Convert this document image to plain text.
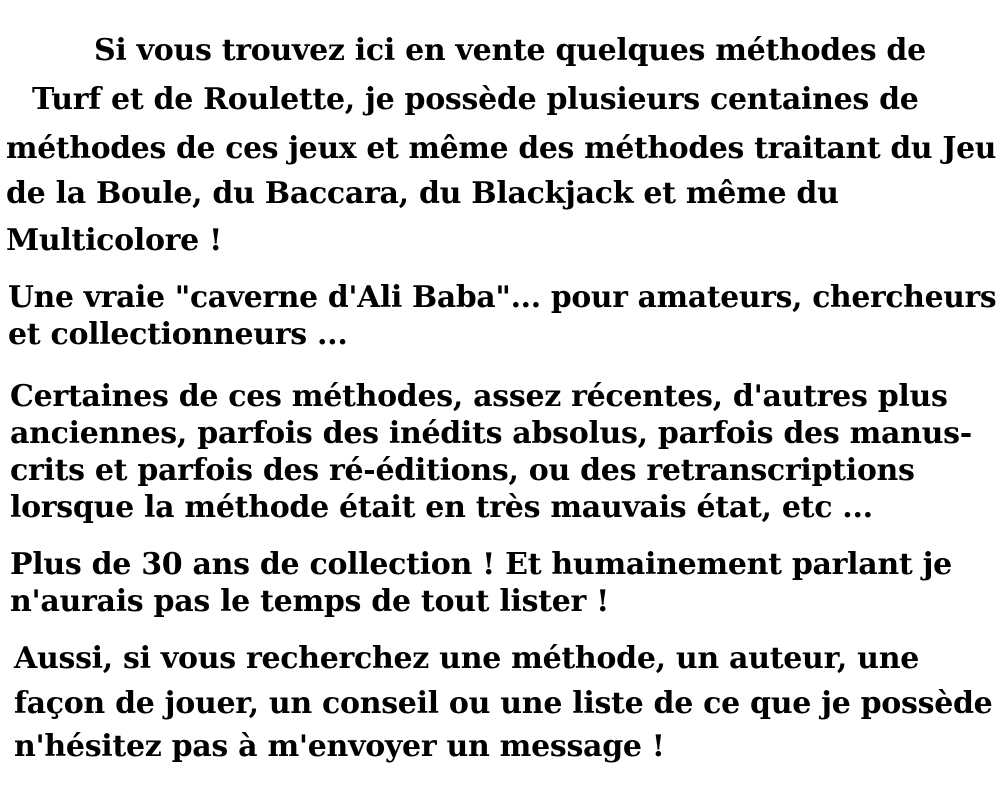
Si vous trouvez ici en vente quelques méthodes de
Turf et de Roulette, je possède plusieurs centaines de
méthodes de ces jeux et même des méthodes traitant du Jeu
de la Boule, du Baccara, du Blackjack et même du
Multicolore !
Une vraie "caverne d'Ali Baba"... pour amateurs, chercheurs
et collectionneurs ...
Certaines de ces méthodes, assez récentes, d'autres plus
anciennes, parfois des inédits absolus, parfois des manus-
crits et parfois des ré-éditions, ou des retranscriptions
lorsque la méthode était en très mauvais état, etc ...
Plus de 30 ans de collection ! Et humainement parlant je
n'aurais pas le temps de tout lister !
Aussi, si vous recherchez une méthode, un auteur, une
façon de jouer, un conseil ou une liste de ce que je possède
n'hésitez pas à m'envoyer un message !
